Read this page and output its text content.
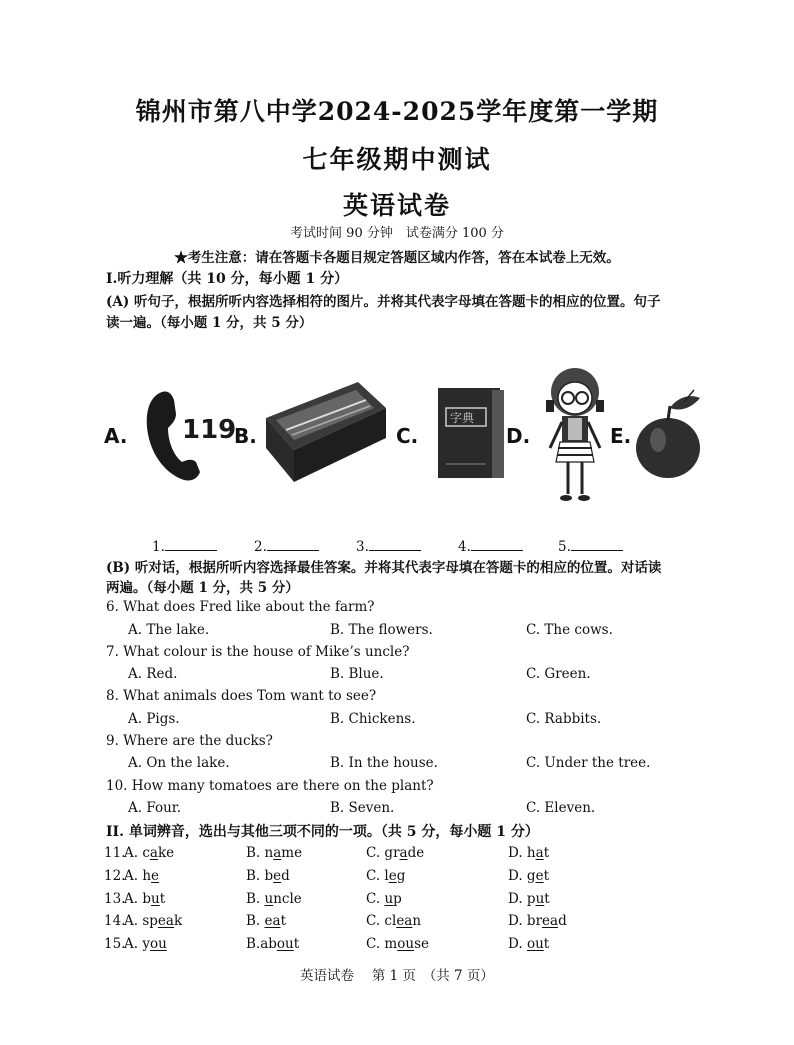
锦州市第八中学2024-2025学年度第一学期
七年级期中测试
英语试卷
考试时间 90 分钟　试卷满分 100 分
★考生注意：请在答题卡各题目规定答题区域内作答，答在本试卷上无效。
I.听力理解（共 10 分，每小题 1 分）
(A) 听句子，根据所听内容选择相符的图片。并将其代表字母填在答题卡的相应的位置。句子
读一遍。（每小题 1 分，共 5 分）
A. 119
B.	C.
字典
D.	E.
1.	2.	3.	4.	5.
(B) 听对话，根据所听内容选择最佳答案。并将其代表字母填在答题卡的相应的位置。对话读
两遍。（每小题 1 分，共 5 分）
6. What does Fred like about the farm?
A. The lake.	B. The flowers.	C. The cows.
7. What colour is the house of Mike’s uncle?
A. Red.	B. Blue.	C. Green.
8. What animals does Tom want to see?
A. Pigs.	B. Chickens.	C. Rabbits.
9. Where are the ducks?
A. On the lake.	B. In the house.	C. Under the tree.
10. How many tomatoes are there on the plant?
A. Four.	B. Seven.	C. Eleven.
II. 单词辨音，选出与其他三项不同的一项。（共 5 分，每小题 1 分）
11.
A. cake	B. name	C. grade	D. hat
12.
A. he	B. bed	C. leg	D. get
13.
A. but	B. uncle	C. up	D. put
14.
A. speak	B. eat	C. clean	D. bread
15.
A. you	B.about	C. mouse	D. out
英语试卷　 第 1 页　（共 7 页）
